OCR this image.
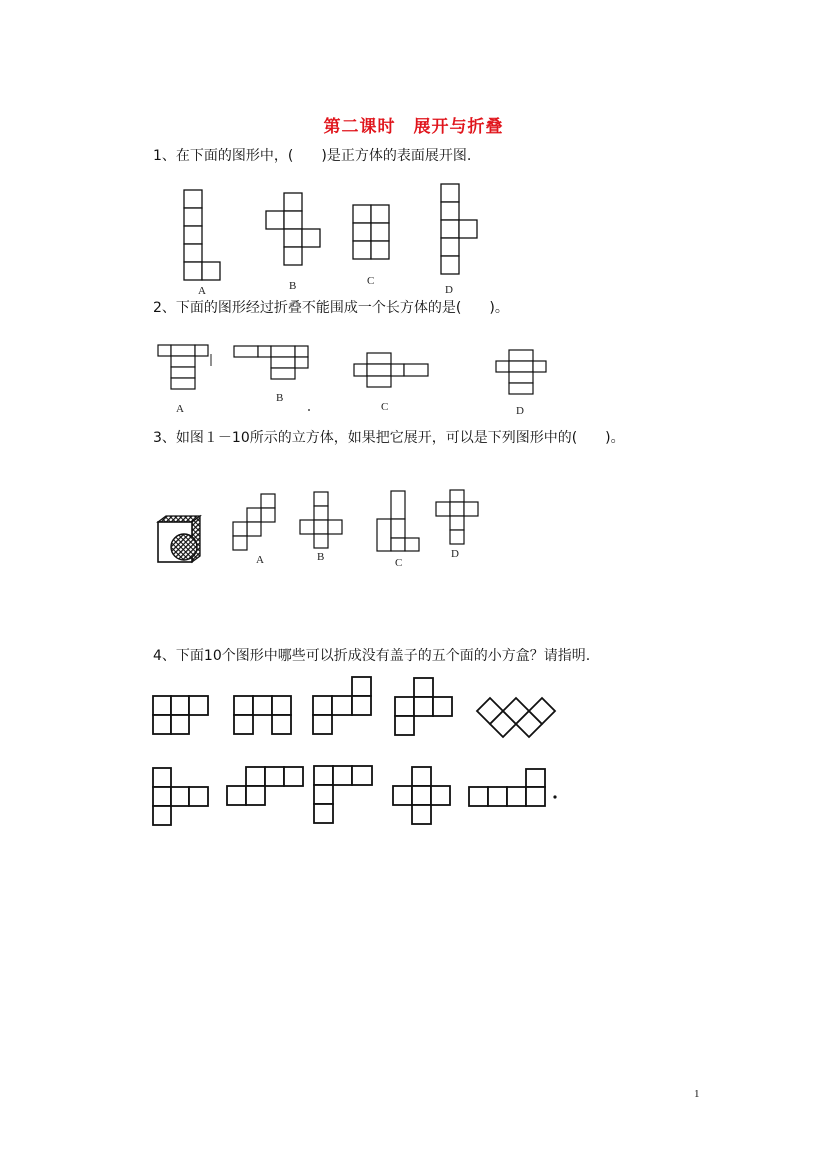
第二课时　展开与折叠
1、在下面的图形中，(　　)是正方体的表面展开图.
2、下面的图形经过折叠不能围成一个长方体的是(　　)。
3、如图１－10所示的立方体，如果把它展开，可以是下列图形中的(　　)。
4、下面10个图形中哪些可以折成没有盖子的五个面的小方盒？请指明.
A	B	C
D
A
B
C	D
A	B	C
D
1
